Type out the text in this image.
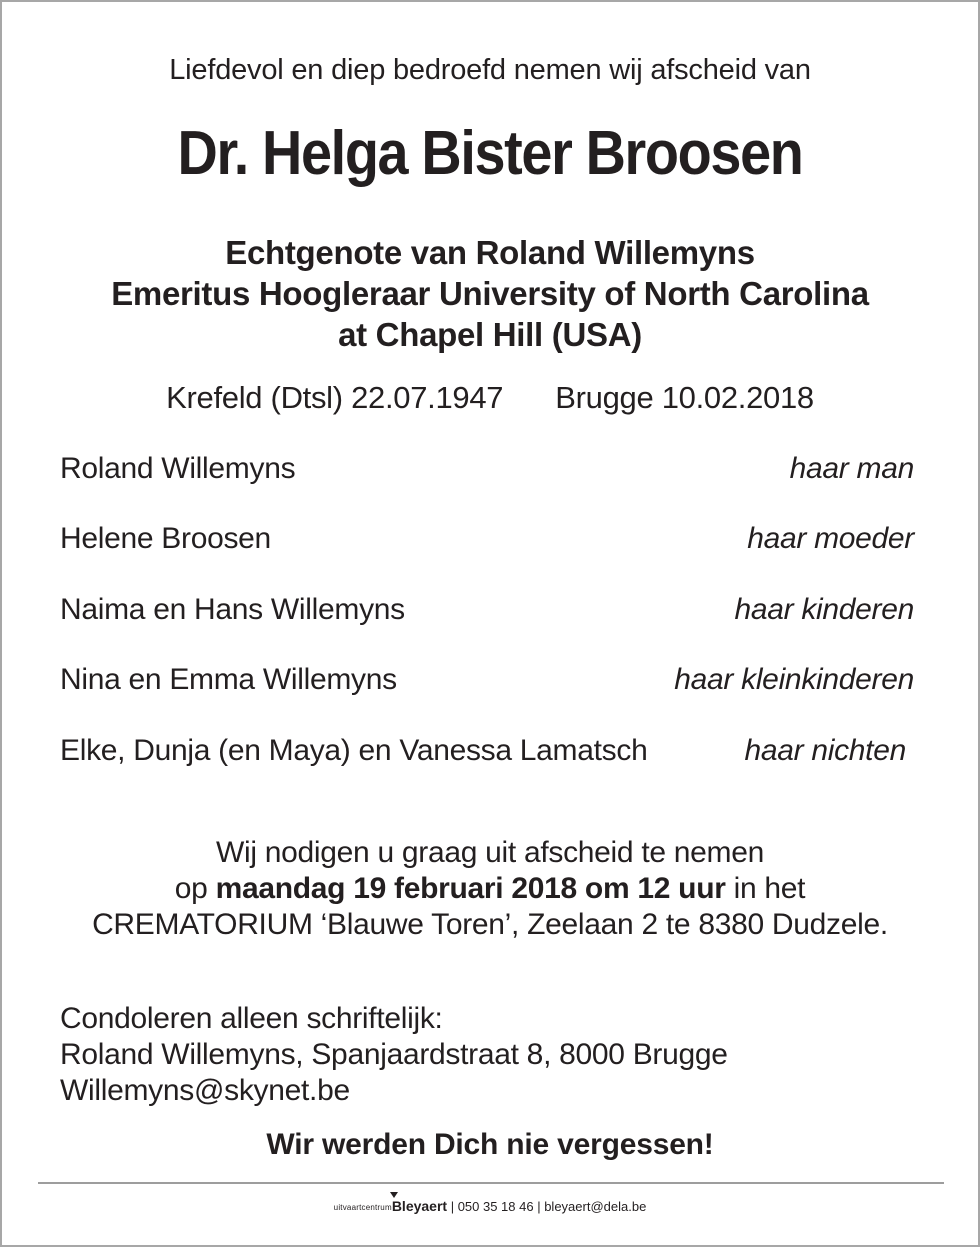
Liefdevol en diep bedroefd nemen wij afscheid van
Dr. Helga Bister Broosen
Echtgenote van Roland Willemyns
Emeritus Hoogleraar University of North Carolina
at Chapel Hill (USA)
Krefeld (Dtsl) 22.07.1947 Brugge 10.02.2018
Roland Willemyns	haar man
Helene Broosen	haar moeder
Naima en Hans Willemyns	haar kinderen
Nina en Emma Willemyns	haar kleinkinderen
Elke, Dunja (en Maya) en Vanessa Lamatsch	haar nichten
Wij nodigen u graag uit afscheid te nemen
op maandag 19 februari 2018 om 12 uur in het
CREMATORIUM ‘Blauwe Toren’, Zeelaan 2 te 8380 Dudzele.
Condoleren alleen schriftelijk:
Roland Willemyns, Spanjaardstraat 8, 8000 Brugge
Willemyns@skynet.be
Wir werden Dich nie vergessen!
uitvaartcentrum
Bleyaert | 050 35 18 46 | bleyaert@dela.be
